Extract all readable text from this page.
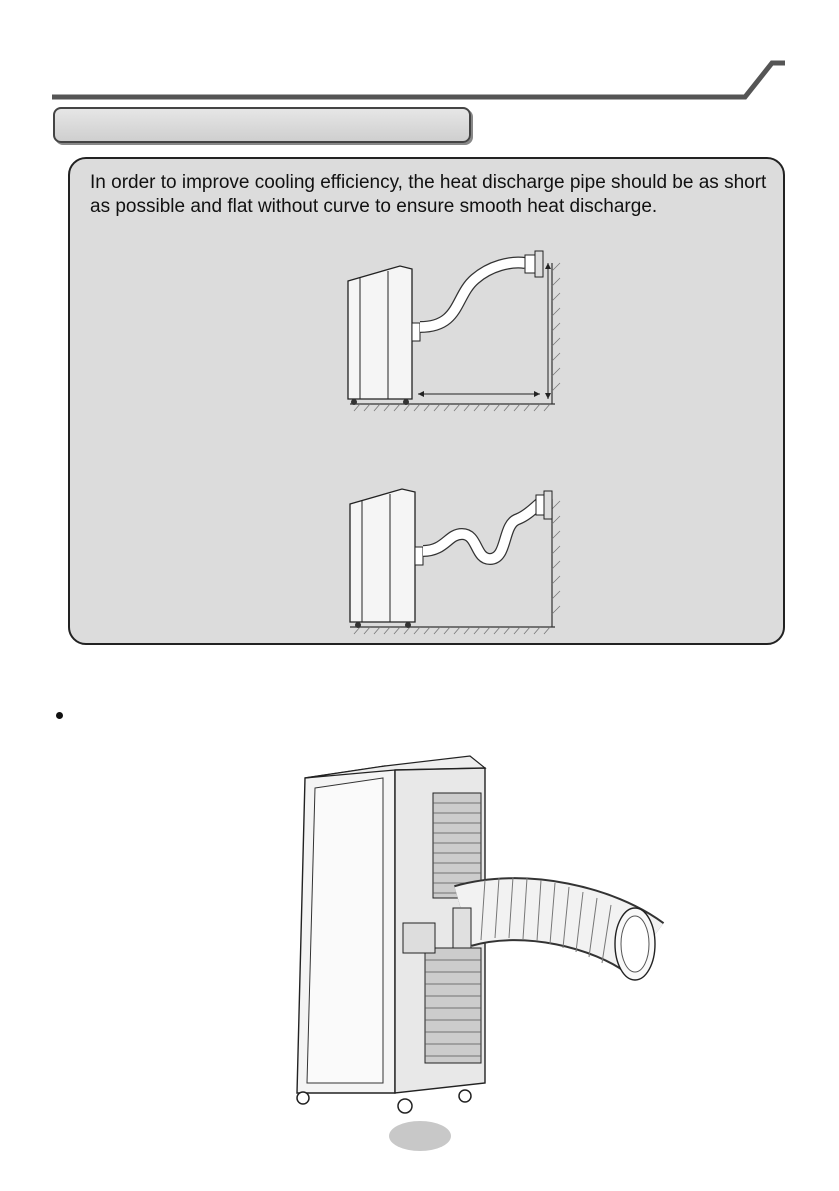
In order to improve cooling efficiency, the heat discharge pipe should be as short as possible and flat without curve to ensure smooth heat discharge.
